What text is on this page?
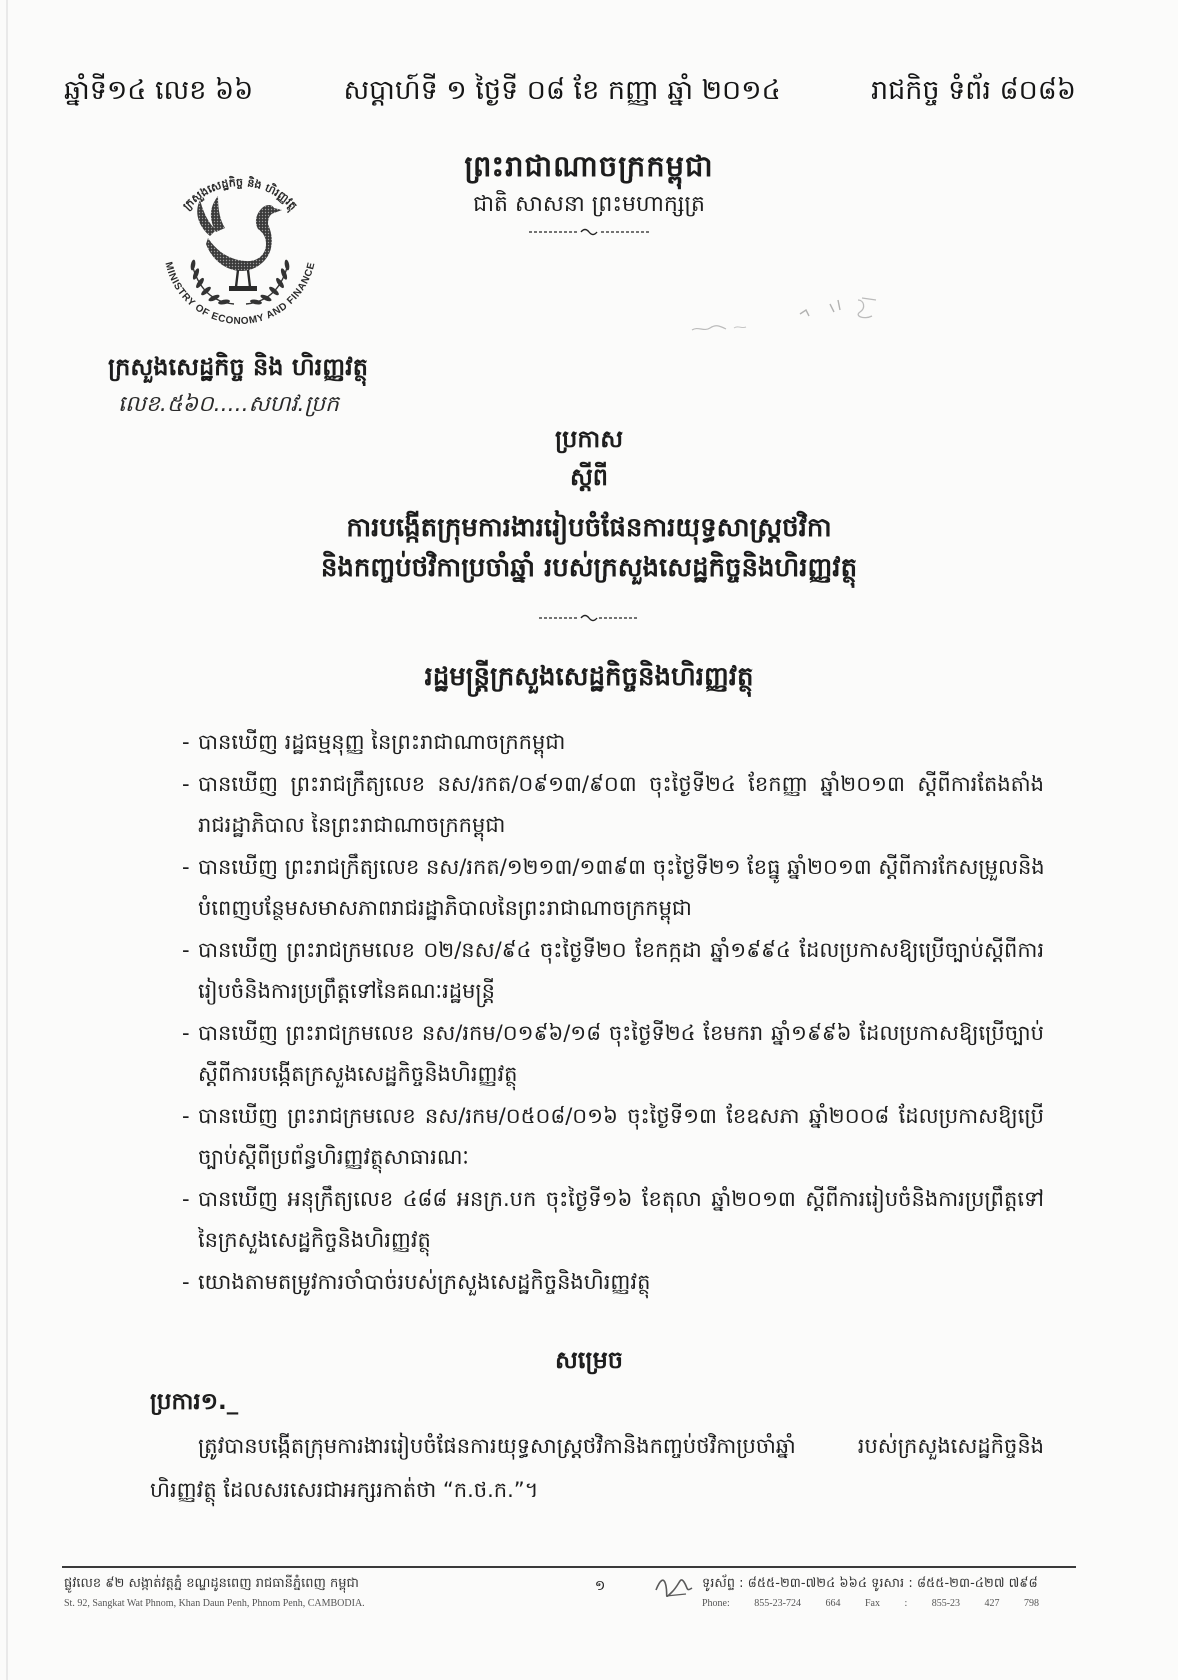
ឆ្នាំទី១៤ លេខ ៦៦	សប្តាហ៍ទី ១ ថ្ងៃទី ០៨ ខែ កញ្ញា ឆ្នាំ ២០១៤	រាជកិច្ច ទំព័រ ៨០៨៦
ព្រះរាជាណាចក្រកម្ពុជា
ជាតិ សាសនា ព្រះមហាក្សត្រ
ក្រសួងសេដ្ឋកិច្ច និង ហិរញ្ញវត្ថុ
MINISTRY OF ECONOMY AND FINANCE
ក្រសួងសេដ្ឋកិច្ច និង ហិរញ្ញវត្ថុ
លេខ.៥៦០.....សហវ.ប្រក
ប្រកាស
ស្តីពី
ការបង្កើតក្រុមការងាររៀបចំផែនការយុទ្ធសាស្ត្រថវិកា
និងកញ្ចប់ថវិកាប្រចាំឆ្នាំ របស់ក្រសួងសេដ្ឋកិច្ចនិងហិរញ្ញវត្ថុ
រដ្ឋមន្ត្រីក្រសួងសេដ្ឋកិច្ចនិងហិរញ្ញវត្ថុ
- បានឃើញ រដ្ឋធម្មនុញ្ញ នៃព្រះរាជាណាចក្រកម្ពុជា
- បានឃើញ ព្រះរាជក្រឹត្យលេខ នស/រកត/០៩១៣/៩០៣ ចុះថ្ងៃទី២៤ ខែកញ្ញា ឆ្នាំ២០១៣ ស្តីពីការតែងតាំង
រាជរដ្ឋាភិបាល នៃព្រះរាជាណាចក្រកម្ពុជា
- បានឃើញ ព្រះរាជក្រឹត្យលេខ នស/រកត/១២១៣/១៣៩៣ ចុះថ្ងៃទី២១ ខែធ្នូ ឆ្នាំ២០១៣ ស្តីពីការកែសម្រួលនិង
បំពេញបន្ថែមសមាសភាពរាជរដ្ឋាភិបាលនៃព្រះរាជាណាចក្រកម្ពុជា
- បានឃើញ ព្រះរាជក្រមលេខ ០២/នស/៩៤ ចុះថ្ងៃទី២០ ខែកក្កដា ឆ្នាំ១៩៩៤ ដែលប្រកាសឱ្យប្រើច្បាប់ស្តីពីការ
រៀបចំនិងការប្រព្រឹត្តទៅនៃគណៈរដ្ឋមន្ត្រី
- បានឃើញ ព្រះរាជក្រមលេខ នស/រកម/០១៩៦/១៨ ចុះថ្ងៃទី២៤ ខែមករា ឆ្នាំ១៩៩៦ ដែលប្រកាសឱ្យប្រើច្បាប់
ស្តីពីការបង្កើតក្រសួងសេដ្ឋកិច្ចនិងហិរញ្ញវត្ថុ
- បានឃើញ ព្រះរាជក្រមលេខ នស/រកម/០៥០៨/០១៦ ចុះថ្ងៃទី១៣ ខែឧសភា ឆ្នាំ២០០៨ ដែលប្រកាសឱ្យប្រើ
ច្បាប់ស្តីពីប្រព័ន្ធហិរញ្ញវត្ថុសាធារណៈ
- បានឃើញ អនុក្រឹត្យលេខ ៤៨៨ អនក្រ.បក ចុះថ្ងៃទី១៦ ខែតុលា ឆ្នាំ២០១៣ ស្តីពីការរៀបចំនិងការប្រព្រឹត្តទៅ
នៃក្រសួងសេដ្ឋកិច្ចនិងហិរញ្ញវត្ថុ
- យោងតាមតម្រូវការចាំបាច់របស់ក្រសួងសេដ្ឋកិច្ចនិងហិរញ្ញវត្ថុ
សម្រេច
ប្រការ១._
ត្រូវបានបង្កើតក្រុមការងាររៀបចំផែនការយុទ្ធសាស្ត្រថវិកានិងកញ្ចប់ថវិកាប្រចាំឆ្នាំ របស់ក្រសួងសេដ្ឋកិច្ចនិង
ហិរញ្ញវត្ថុ ដែលសរសេរជាអក្សរកាត់ថា “ក.ថ.ក.”។
ផ្លូវលេខ ៩២ សង្កាត់វត្តភ្នំ ខណ្ឌដូនពេញ រាជធានីភ្នំពេញ កម្ពុជា
St. 92, Sangkat Wat Phnom, Khan Daun Penh, Phnom Penh, CAMBODIA.
១	ទូរស័ព្ទ : ៨៥៥-២៣-៧២៤ ៦៦៤ ទូរសារ : ៨៥៥-២៣-៤២៧ ៧៩៨
Phone: 855-23-724 664 Fax : 855-23 427 798
